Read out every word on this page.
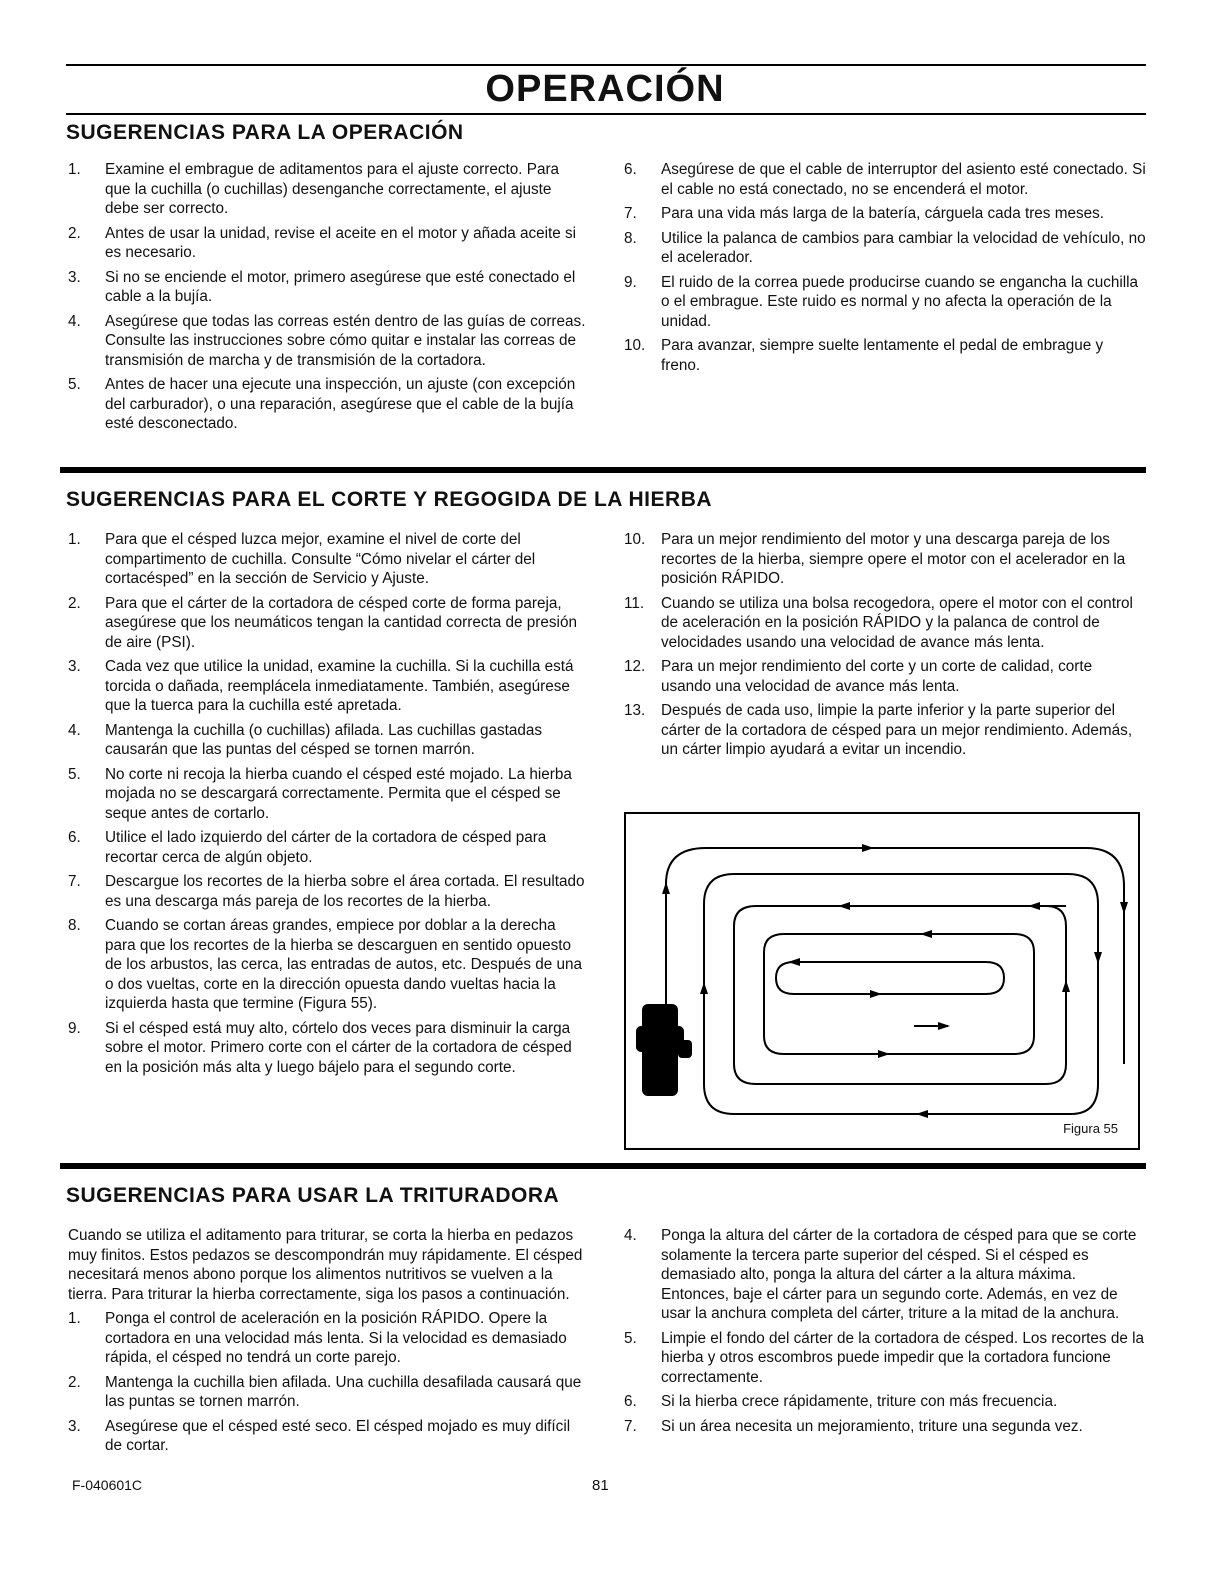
OPERACIÓN
SUGERENCIAS PARA LA OPERACIÓN
1. Examine el embrague de aditamentos para el ajuste correcto. Para que la cuchilla (o cuchillas) desenganche correctamente, el ajuste debe ser correcto.
2. Antes de usar la unidad, revise el aceite en el motor y añada aceite si es necesario.
3. Si no se enciende el motor, primero asegúrese que esté conectado el cable a la bujía.
4. Asegúrese que todas las correas estén dentro de las guías de correas. Consulte las instrucciones sobre cómo quitar e instalar las correas de transmisión de marcha y de transmisión de la cortadora.
5. Antes de hacer una ejecute una inspección, un ajuste (con excepción del carburador), o una reparación, asegúrese que el cable de la bujía esté desconectado.
6. Asegúrese de que el cable de interruptor del asiento esté conectado. Si el cable no está conectado, no se encenderá el motor.
7. Para una vida más larga de la batería, cárguela cada tres meses.
8. Utilice la palanca de cambios para cambiar la velocidad de vehículo, no el acelerador.
9. El ruido de la correa puede producirse cuando se engancha la cuchilla o el embrague. Este ruido es normal y no afecta la operación de la unidad.
10. Para avanzar, siempre suelte lentamente el pedal de embrague y freno.
SUGERENCIAS PARA EL CORTE Y REGOGIDA DE LA HIERBA
1. Para que el césped luzca mejor, examine el nivel de corte del compartimento de cuchilla. Consulte “Cómo nivelar el cárter del cortacésped” en la sección de Servicio y Ajuste.
2. Para que el cárter de la cortadora de césped corte de forma pareja, asegúrese que los neumáticos tengan la cantidad correcta de presión de aire (PSI).
3. Cada vez que utilice la unidad, examine la cuchilla. Si la cuchilla está torcida o dañada, reemplácela inmediatamente. También, asegúrese que la tuerca para la cuchilla esté apretada.
4. Mantenga la cuchilla (o cuchillas) afilada. Las cuchillas gastadas causarán que las puntas del césped se tornen marrón.
5. No corte ni recoja la hierba cuando el césped esté mojado. La hierba mojada no se descargará correctamente. Permita que el césped se seque antes de cortarlo.
6. Utilice el lado izquierdo del cárter de la cortadora de césped para recortar cerca de algún objeto.
7. Descargue los recortes de la hierba sobre el área cortada. El resultado es una descarga más pareja de los recortes de la hierba.
8. Cuando se cortan áreas grandes, empiece por doblar a la derecha para que los recortes de la hierba se descarguen en sentido opuesto de los arbustos, las cerca, las entradas de autos, etc. Después de una o dos vueltas, corte en la dirección opuesta dando vueltas hacia la izquierda hasta que termine (Figura 55).
9. Si el césped está muy alto, córtelo dos veces para disminuir la carga sobre el motor. Primero corte con el cárter de la cortadora de césped en la posición más alta y luego bájelo para el segundo corte.
10. Para un mejor rendimiento del motor y una descarga pareja de los recortes de la hierba, siempre opere el motor con el acelerador en la posición RÁPIDO.
11. Cuando se utiliza una bolsa recogedora, opere el motor con el control de aceleración en la posición RÁPIDO y la palanca de control de velocidades usando una velocidad de avance más lenta.
12. Para un mejor rendimiento del corte y un corte de calidad, corte usando una velocidad de avance más lenta.
13. Después de cada uso, limpie la parte inferior y la parte superior del cárter de la cortadora de césped para un mejor rendimiento. Además, un cárter limpio ayudará a evitar un incendio.
Figura 55
SUGERENCIAS PARA USAR LA TRITURADORA

Cuando se utiliza el aditamento para triturar, se corta la hierba en pedazos muy finitos. Estos pedazos se descompondrán muy rápidamente. El césped necesitará menos abono porque los alimentos nutritivos se vuelven a la tierra. Para triturar la hierba correctamente, siga los pasos a continuación.

1. Ponga el control de aceleración en la posición RÁPIDO. Opere la cortadora en una velocidad más lenta. Si la velocidad es demasiado rápida, el césped no tendrá un corte parejo.
2. Mantenga la cuchilla bien afilada. Una cuchilla desafilada causará que las puntas se tornen marrón.
3. Asegúrese que el césped esté seco. El césped mojado es muy difícil de cortar.
4. Ponga la altura del cárter de la cortadora de césped para que se corte solamente la tercera parte superior del césped. Si el césped es demasiado alto, ponga la altura del cárter a la altura máxima. Entonces, baje el cárter para un segundo corte. Además, en vez de usar la anchura completa del cárter, triture a la mitad de la anchura.
5. Limpie el fondo del cárter de la cortadora de césped. Los recortes de la hierba y otros escombros puede impedir que la cortadora funcione correctamente.
6. Si la hierba crece rápidamente, triture con más frecuencia.
7. Si un área necesita un mejoramiento, triture una segunda vez.
F-040601C	81
